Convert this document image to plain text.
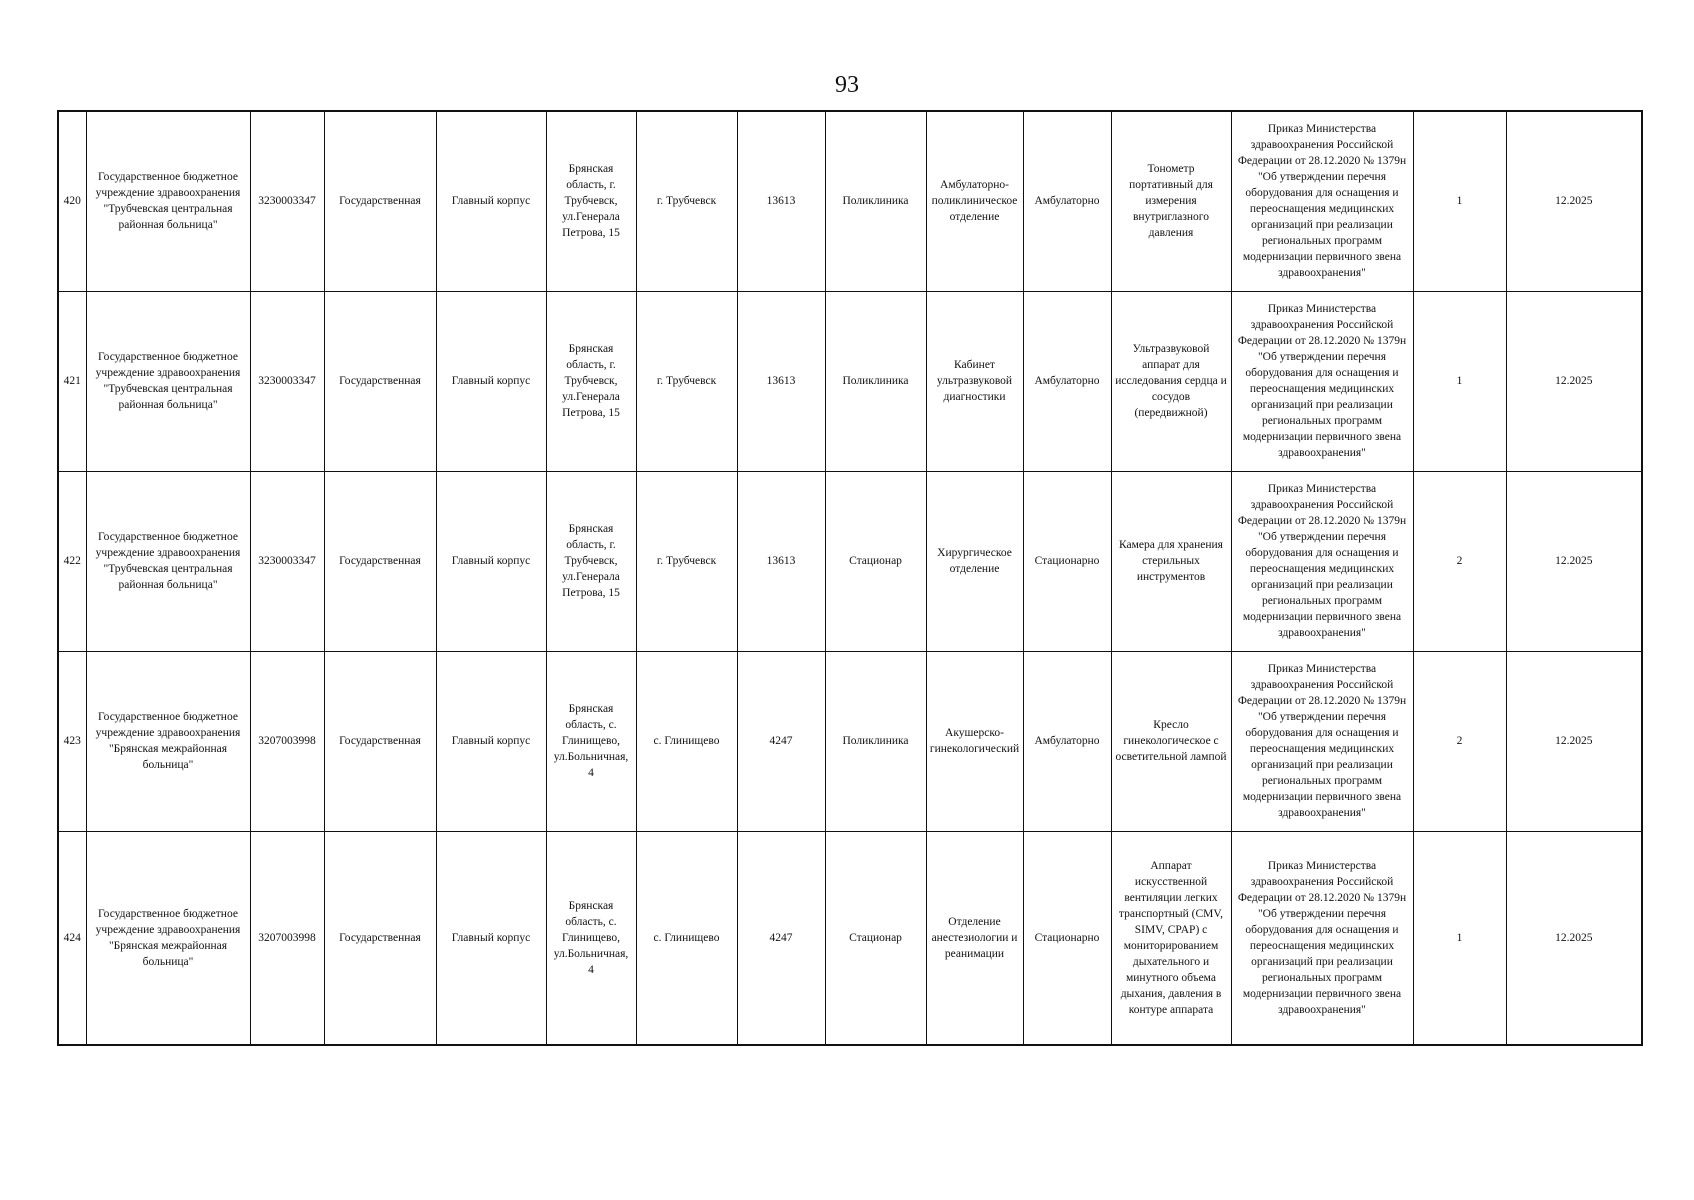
93
420	Государственное бюджетное учреждение здравоохранения "Трубчевская центральная районная больница"	3230003347	Государственная	Главный корпус	Брянская область, г. Трубчевск, ул.Генерала Петрова, 15	г. Трубчевск	13613	Поликлиника	Амбулаторно-поликлиническое отделение	Амбулаторно	Тонометр портативный для измерения внутриглазного давления	Приказ Министерства здравоохранения Российской Федерации от 28.12.2020 № 1379н "Об утверждении перечня оборудования для оснащения и переоснащения медицинских организаций при реализации региональных программ модернизации первичного звена здравоохранения"	1	12.2025
421	Государственное бюджетное учреждение здравоохранения "Трубчевская центральная районная больница"	3230003347	Государственная	Главный корпус	Брянская область, г. Трубчевск, ул.Генерала Петрова, 15	г. Трубчевск	13613	Поликлиника	Кабинет ультразвуковой диагностики	Амбулаторно	Ультразвуковой аппарат для исследования сердца и сосудов (передвижной)	Приказ Министерства здравоохранения Российской Федерации от 28.12.2020 № 1379н "Об утверждении перечня оборудования для оснащения и переоснащения медицинских организаций при реализации региональных программ модернизации первичного звена здравоохранения"	1	12.2025
422	Государственное бюджетное учреждение здравоохранения "Трубчевская центральная районная больница"	3230003347	Государственная	Главный корпус	Брянская область, г. Трубчевск, ул.Генерала Петрова, 15	г. Трубчевск	13613	Стационар	Хирургическое отделение	Стационарно	Камера для хранения стерильных инструментов	Приказ Министерства здравоохранения Российской Федерации от 28.12.2020 № 1379н "Об утверждении перечня оборудования для оснащения и переоснащения медицинских организаций при реализации региональных программ модернизации первичного звена здравоохранения"	2	12.2025
423	Государственное бюджетное учреждение здравоохранения "Брянская межрайонная больница"	3207003998	Государственная	Главный корпус	Брянская область, с. Глинищево, ул.Больничная, 4	с. Глинищево	4247	Поликлиника	Акушерско-гинекологический	Амбулаторно	Кресло гинекологическое с осветительной лампой	Приказ Министерства здравоохранения Российской Федерации от 28.12.2020 № 1379н "Об утверждении перечня оборудования для оснащения и переоснащения медицинских организаций при реализации региональных программ модернизации первичного звена здравоохранения"	2	12.2025
424	Государственное бюджетное учреждение здравоохранения "Брянская межрайонная больница"	3207003998	Государственная	Главный корпус	Брянская область, с. Глинищево, ул.Больничная, 4	с. Глинищево	4247	Стационар	Отделение анестезиологии и реанимации	Стационарно	Аппарат искусственной вентиляции легких транспортный (CMV, SIMV, CPAP) с мониторированием дыхательного и минутного объема дыхания, давления в контуре аппарата	Приказ Министерства здравоохранения Российской Федерации от 28.12.2020 № 1379н "Об утверждении перечня оборудования для оснащения и переоснащения медицинских организаций при реализации региональных программ модернизации первичного звена здравоохранения"	1	12.2025
